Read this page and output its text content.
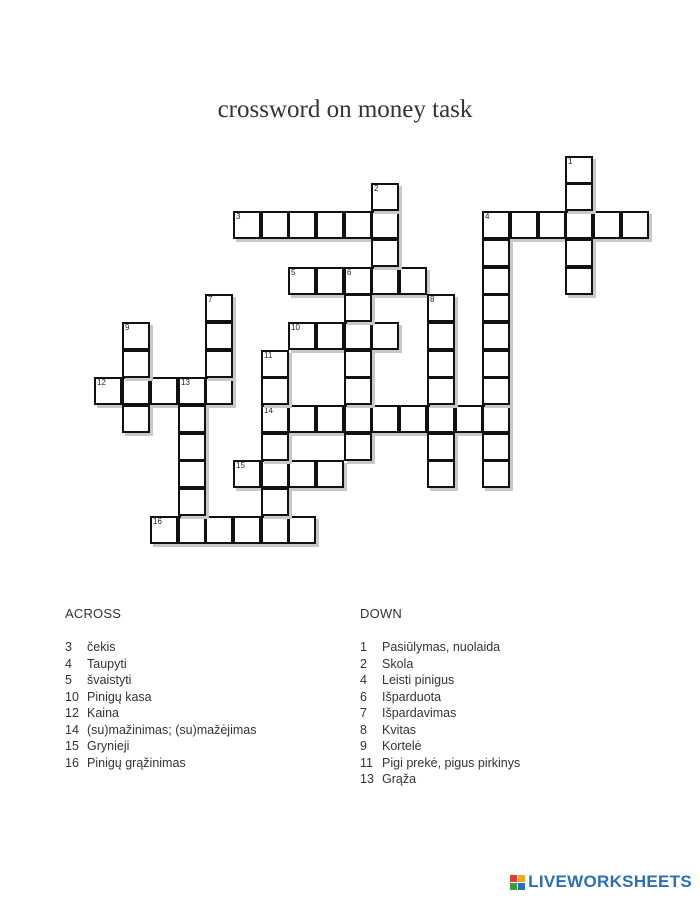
crossword on money task
3	4
5	6
10
12	13
14
15
16
1
2
7	8
9
11
ACROSS
3 čekis
4 Taupyti
5 švaistyti
10 Pinigų kasa
12 Kaina
14 (su)mažinimas; (su)mažėjimas
15 Grynieji
16 Pinigų grąžinimas
DOWN
1 Pasiūlymas, nuolaida
2 Skola
4 Leisti pinigus
6 Išparduota
7 Išpardavimas
8 Kvitas
9 Kortelė
11 Pigi prekė, pigus pirkinys
13 Grąža
LIVEWORKSHEETS
